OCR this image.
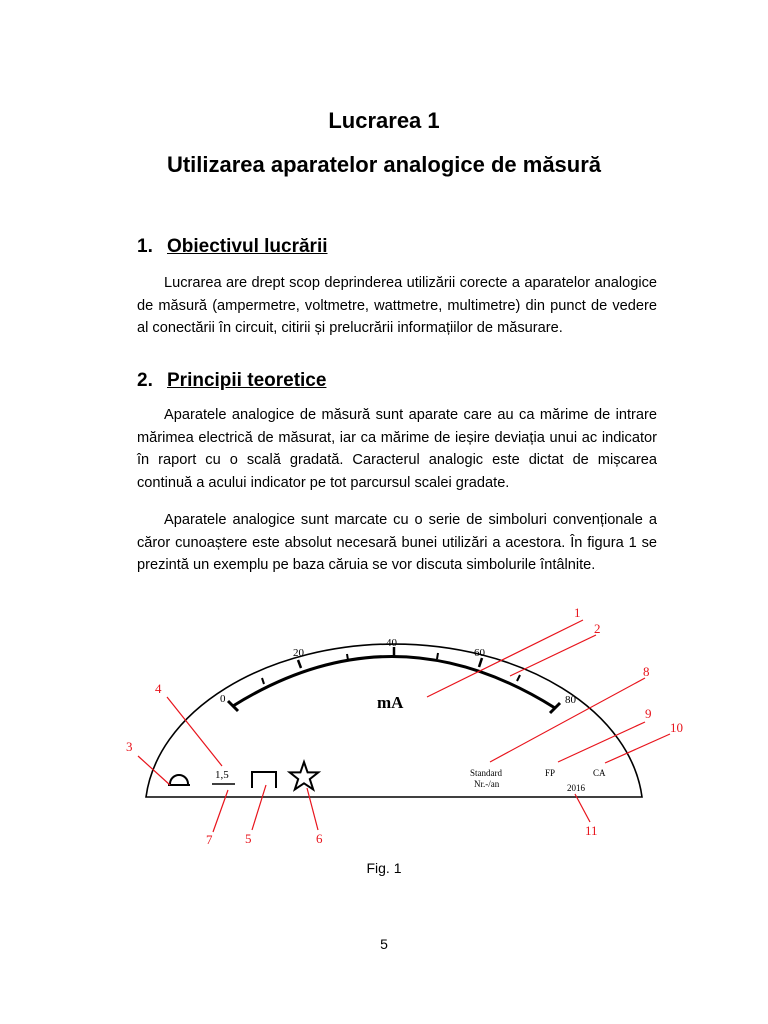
Lucrarea 1
Utilizarea aparatelor analogice de măsură
1. Obiectivul lucrării

Lucrarea are drept scop deprinderea utilizării corecte a aparatelor analogice de măsură (ampermetre, voltmetre, wattmetre, multimetre) din punct de vedere al conectării în circuit, citirii și prelucrării informațiilor de măsurare.

2. Principii teoretice

Aparatele analogice de măsură sunt aparate care au ca mărime de intrare mărimea electrică de măsurat, iar ca mărime de ieșire deviația unui ac indicator în raport cu o scală gradată. Caracterul analogic este dictat de mișcarea continuă a acului indicator pe tot parcursul scalei gradate.

Aparatele analogice sunt marcate cu o serie de simboluri convenționale a căror cunoaștere este absolut necesară bunei utilizări a acestora. În figura 1 se prezintă un exemplu pe baza căruia se vor discuta simbolurile întâlnite.

0
20
40
60
80
mA
1,5	Standard
Nr.-/an
FP	CA
2016
1
2
3
4
5	6
7
8
9
10
11

Fig. 1

5
